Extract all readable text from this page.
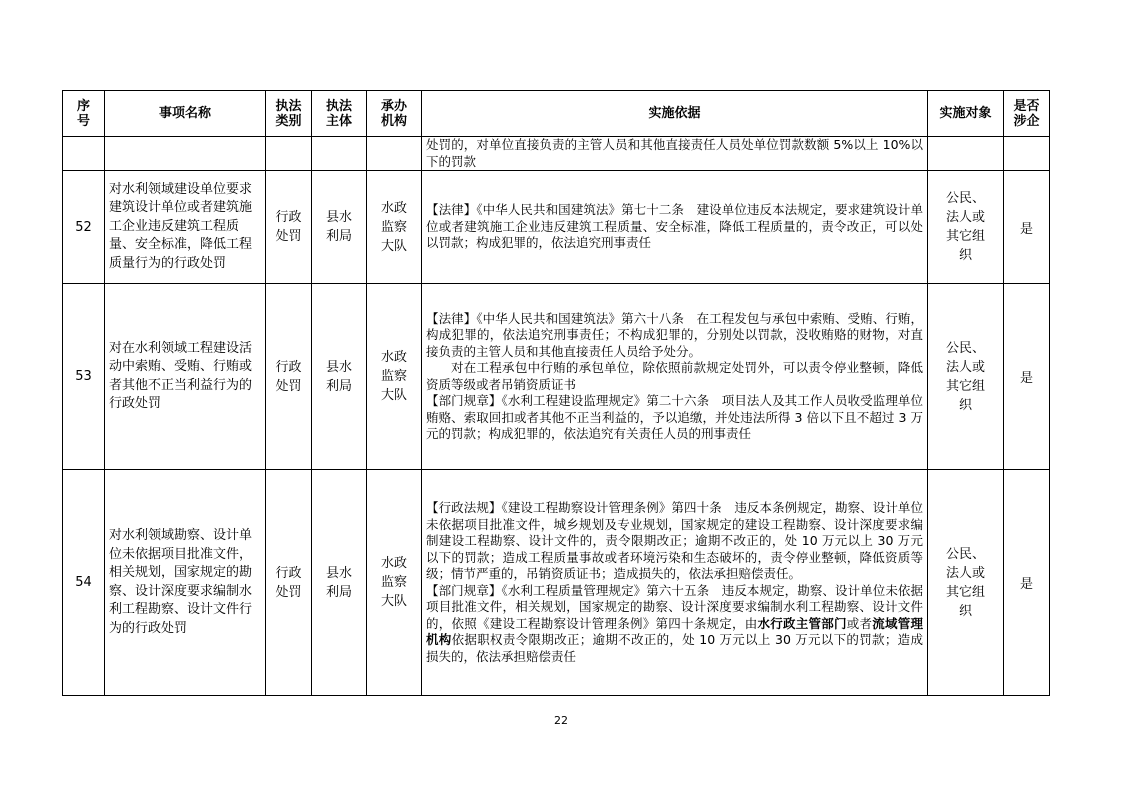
序号	事项名称	执法类别	执法主体	承办机构	实施依据	实施对象	是否涉企
					处罚的，对单位直接负责的主管人员和其他直接责任人员处单位罚款数额 5%以上 10%以下的罚款		
52	对水利领域建设单位要求建筑设计单位或者建筑施工企业违反建筑工程质量、安全标准，降低工程质量行为的行政处罚	行政处罚	县水利局	水政监察大队	【法律】《中华人民共和国建筑法》第七十二条　建设单位违反本法规定，要求建筑设计单位或者建筑施工企业违反建筑工程质量、安全标准，降低工程质量的，责令改正，可以处以罚款；构成犯罪的，依法追究刑事责任	公民、法人或其它组织	是
53	对在水利领域工程建设活动中索贿、受贿、行贿或者其他不正当利益行为的行政处罚	行政处罚	县水利局	水政监察大队	【法律】《中华人民共和国建筑法》第六十八条　在工程发包与承包中索贿、受贿、行贿，构成犯罪的，依法追究刑事责任；不构成犯罪的，分别处以罚款，没收贿赂的财物，对直接负责的主管人员和其他直接责任人员给予处分。
对在工程承包中行贿的承包单位，除依照前款规定处罚外，可以责令停业整顿，降低资质等级或者吊销资质证书
【部门规章】《水利工程建设监理规定》第二十六条　项目法人及其工作人员收受监理单位贿赂、索取回扣或者其他不正当利益的，予以追缴，并处违法所得 3 倍以下且不超过 3 万元的罚款；构成犯罪的，依法追究有关责任人员的刑事责任	公民、法人或其它组织	是
54	对水利领域勘察、设计单位未依据项目批准文件，相关规划，国家规定的勘察、设计深度要求编制水利工程勘察、设计文件行为的行政处罚	行政处罚	县水利局	水政监察大队	【行政法规】《建设工程勘察设计管理条例》第四十条　违反本条例规定，勘察、设计单位未依据项目批准文件，城乡规划及专业规划，国家规定的建设工程勘察、设计深度要求编制建设工程勘察、设计文件的，责令限期改正；逾期不改正的，处 10 万元以上 30 万元以下的罚款；造成工程质量事故或者环境污染和生态破坏的，责令停业整顿，降低资质等级；情节严重的，吊销资质证书；造成损失的，依法承担赔偿责任。
【部门规章】《水利工程质量管理规定》第六十五条　违反本规定，勘察、设计单位未依据项目批准文件，相关规划，国家规定的勘察、设计深度要求编制水利工程勘察、设计文件的，依照《建设工程勘察设计管理条例》第四十条规定，由水行政主管部门或者流域管理机构依据职权责令限期改正；逾期不改正的，处 10 万元以上 30 万元以下的罚款；造成损失的，依法承担赔偿责任	公民、法人或其它组织	是
22
